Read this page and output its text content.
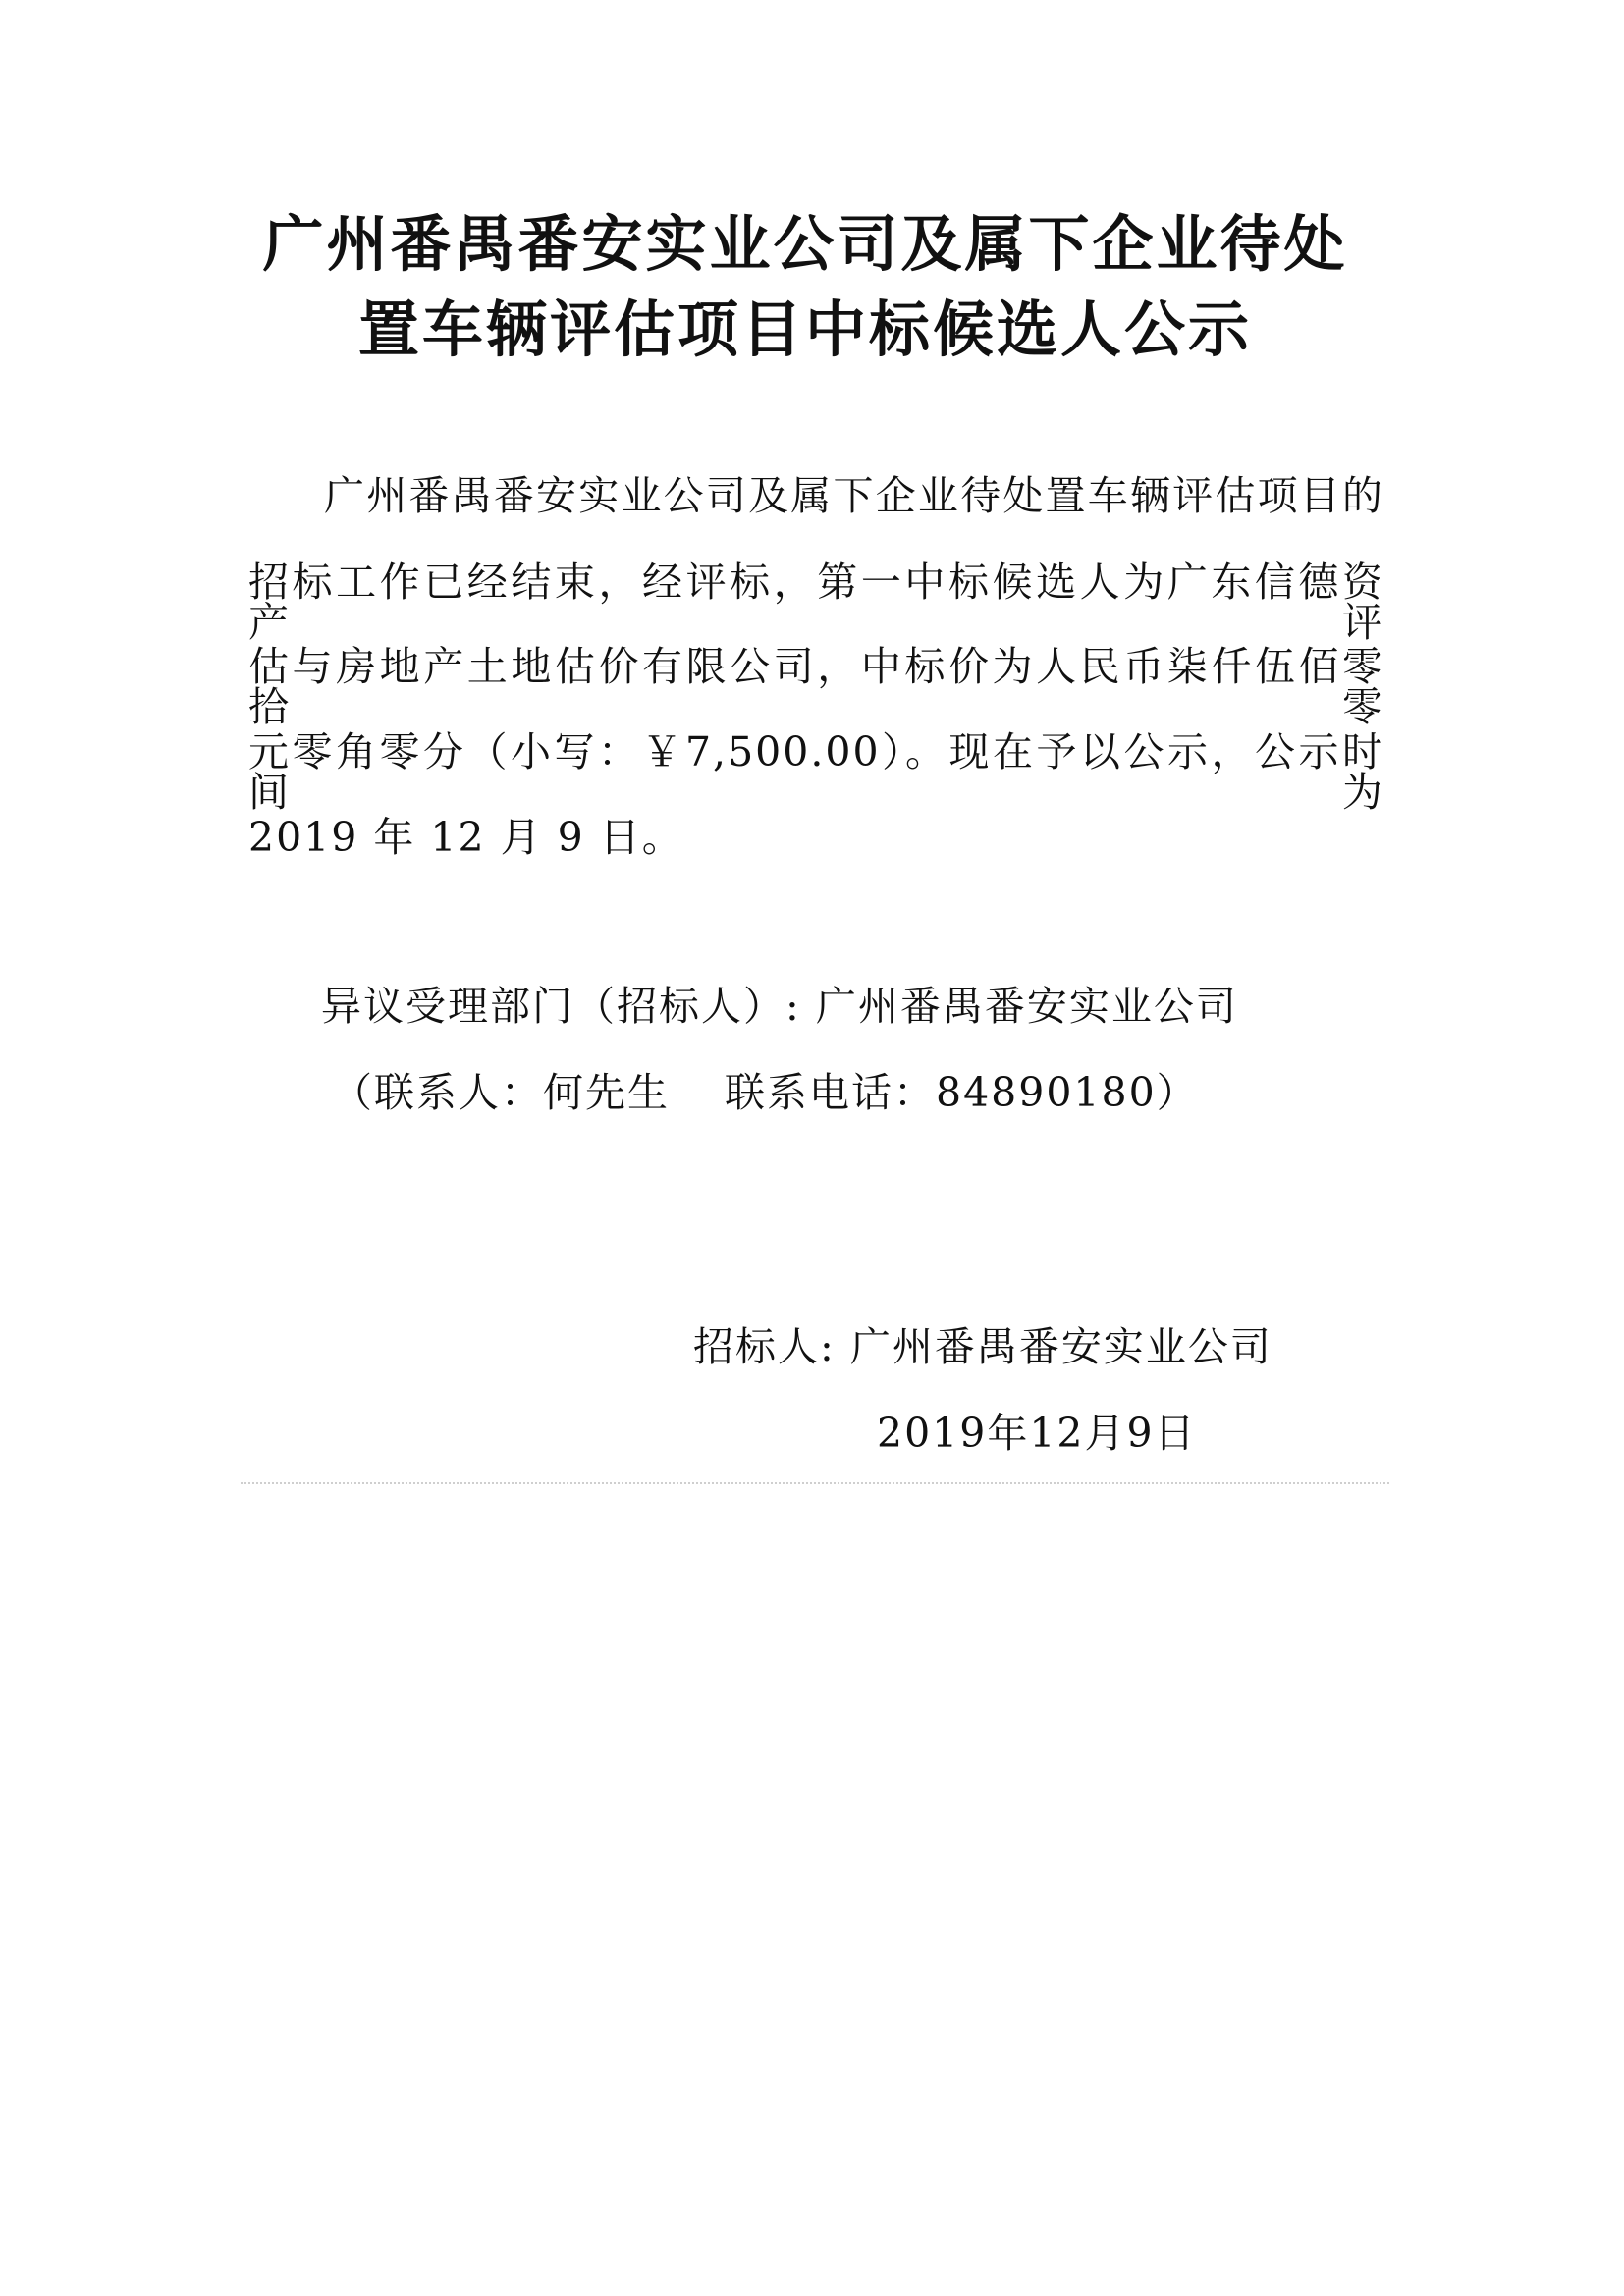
广州番禺番安实业公司及属下企业待处
置车辆评估项目中标候选人公示
广州番禺番安实业公司及属下企业待处置车辆评估项目的
招标工作已经结束，经评标，第一中标候选人为广东信德资产评
估与房地产土地估价有限公司，中标价为人民币柒仟伍佰零拾零
元零角零分（小写：￥7,500.00）。现在予以公示，公示时间为
2019 年 12 月 9 日。
异议受理部门（招标人）: 广州番禺番安实业公司
（联系人：何先生 联系电话：84890180）
招标人: 广州番禺番安实业公司
2019年12月9日
